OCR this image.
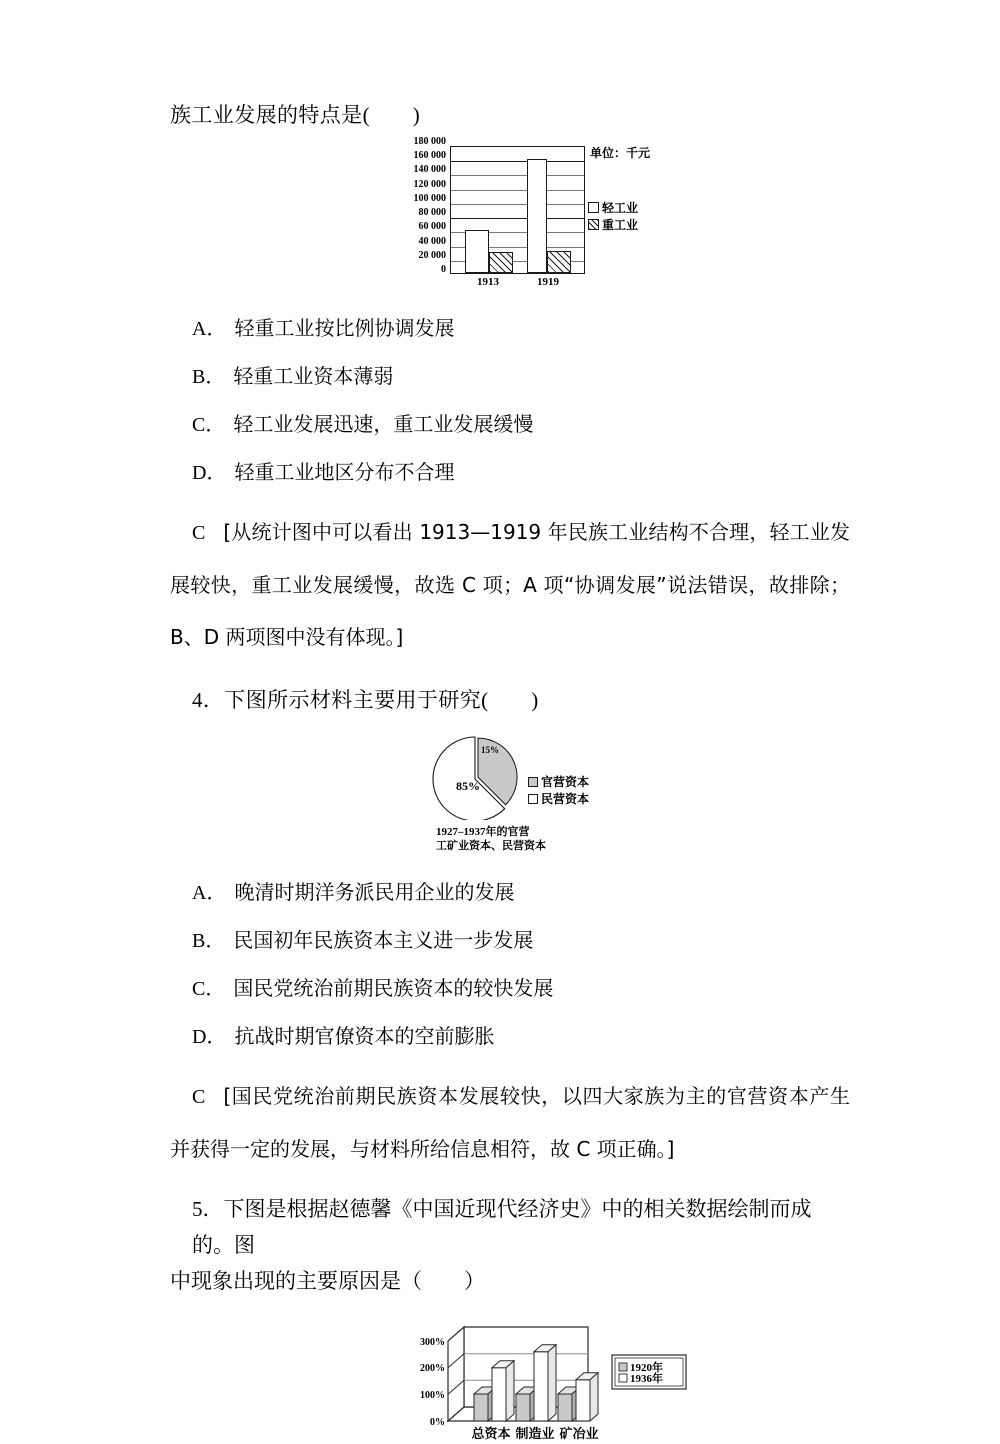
族工业发展的特点是(　　)
0
20 000
40 000
60 000
80 000
100 000
120 000
140 000
160 000
180 000
1913	1919
单位：千元
轻工业
重工业
A． 轻重工业按比例协调发展
B． 轻重工业资本薄弱
C． 轻工业发展迅速，重工业发展缓慢
D． 轻重工业地区分布不合理
C [从统计图中可以看出 1913—1919 年民族工业结构不合理，轻工业发展较快，重工业发展缓慢，故选 C 项；A 项“协调发展”说法错误，故排除；B、D 两项图中没有体现。]
4．下图所示材料主要用于研究(　　)
15%
85%	官营资本
民营资本
1927–1937年的官营
工矿业资本、民营资本
A． 晚清时期洋务派民用企业的发展
B． 民国初年民族资本主义进一步发展
C． 国民党统治前期民族资本的较快发展
D． 抗战时期官僚资本的空前膨胀
C [国民党统治前期民族资本发展较快，以四大家族为主的官营资本产生并获得一定的发展，与材料所给信息相符，故 C 项正确。]
5．下图是根据赵德馨《中国近现代经济史》中的相关数据绘制而成的。图
中现象出现的主要原因是（　　）
0%
100%
200%
300%
总资本 制造业 矿冶业
1920年
1936年
